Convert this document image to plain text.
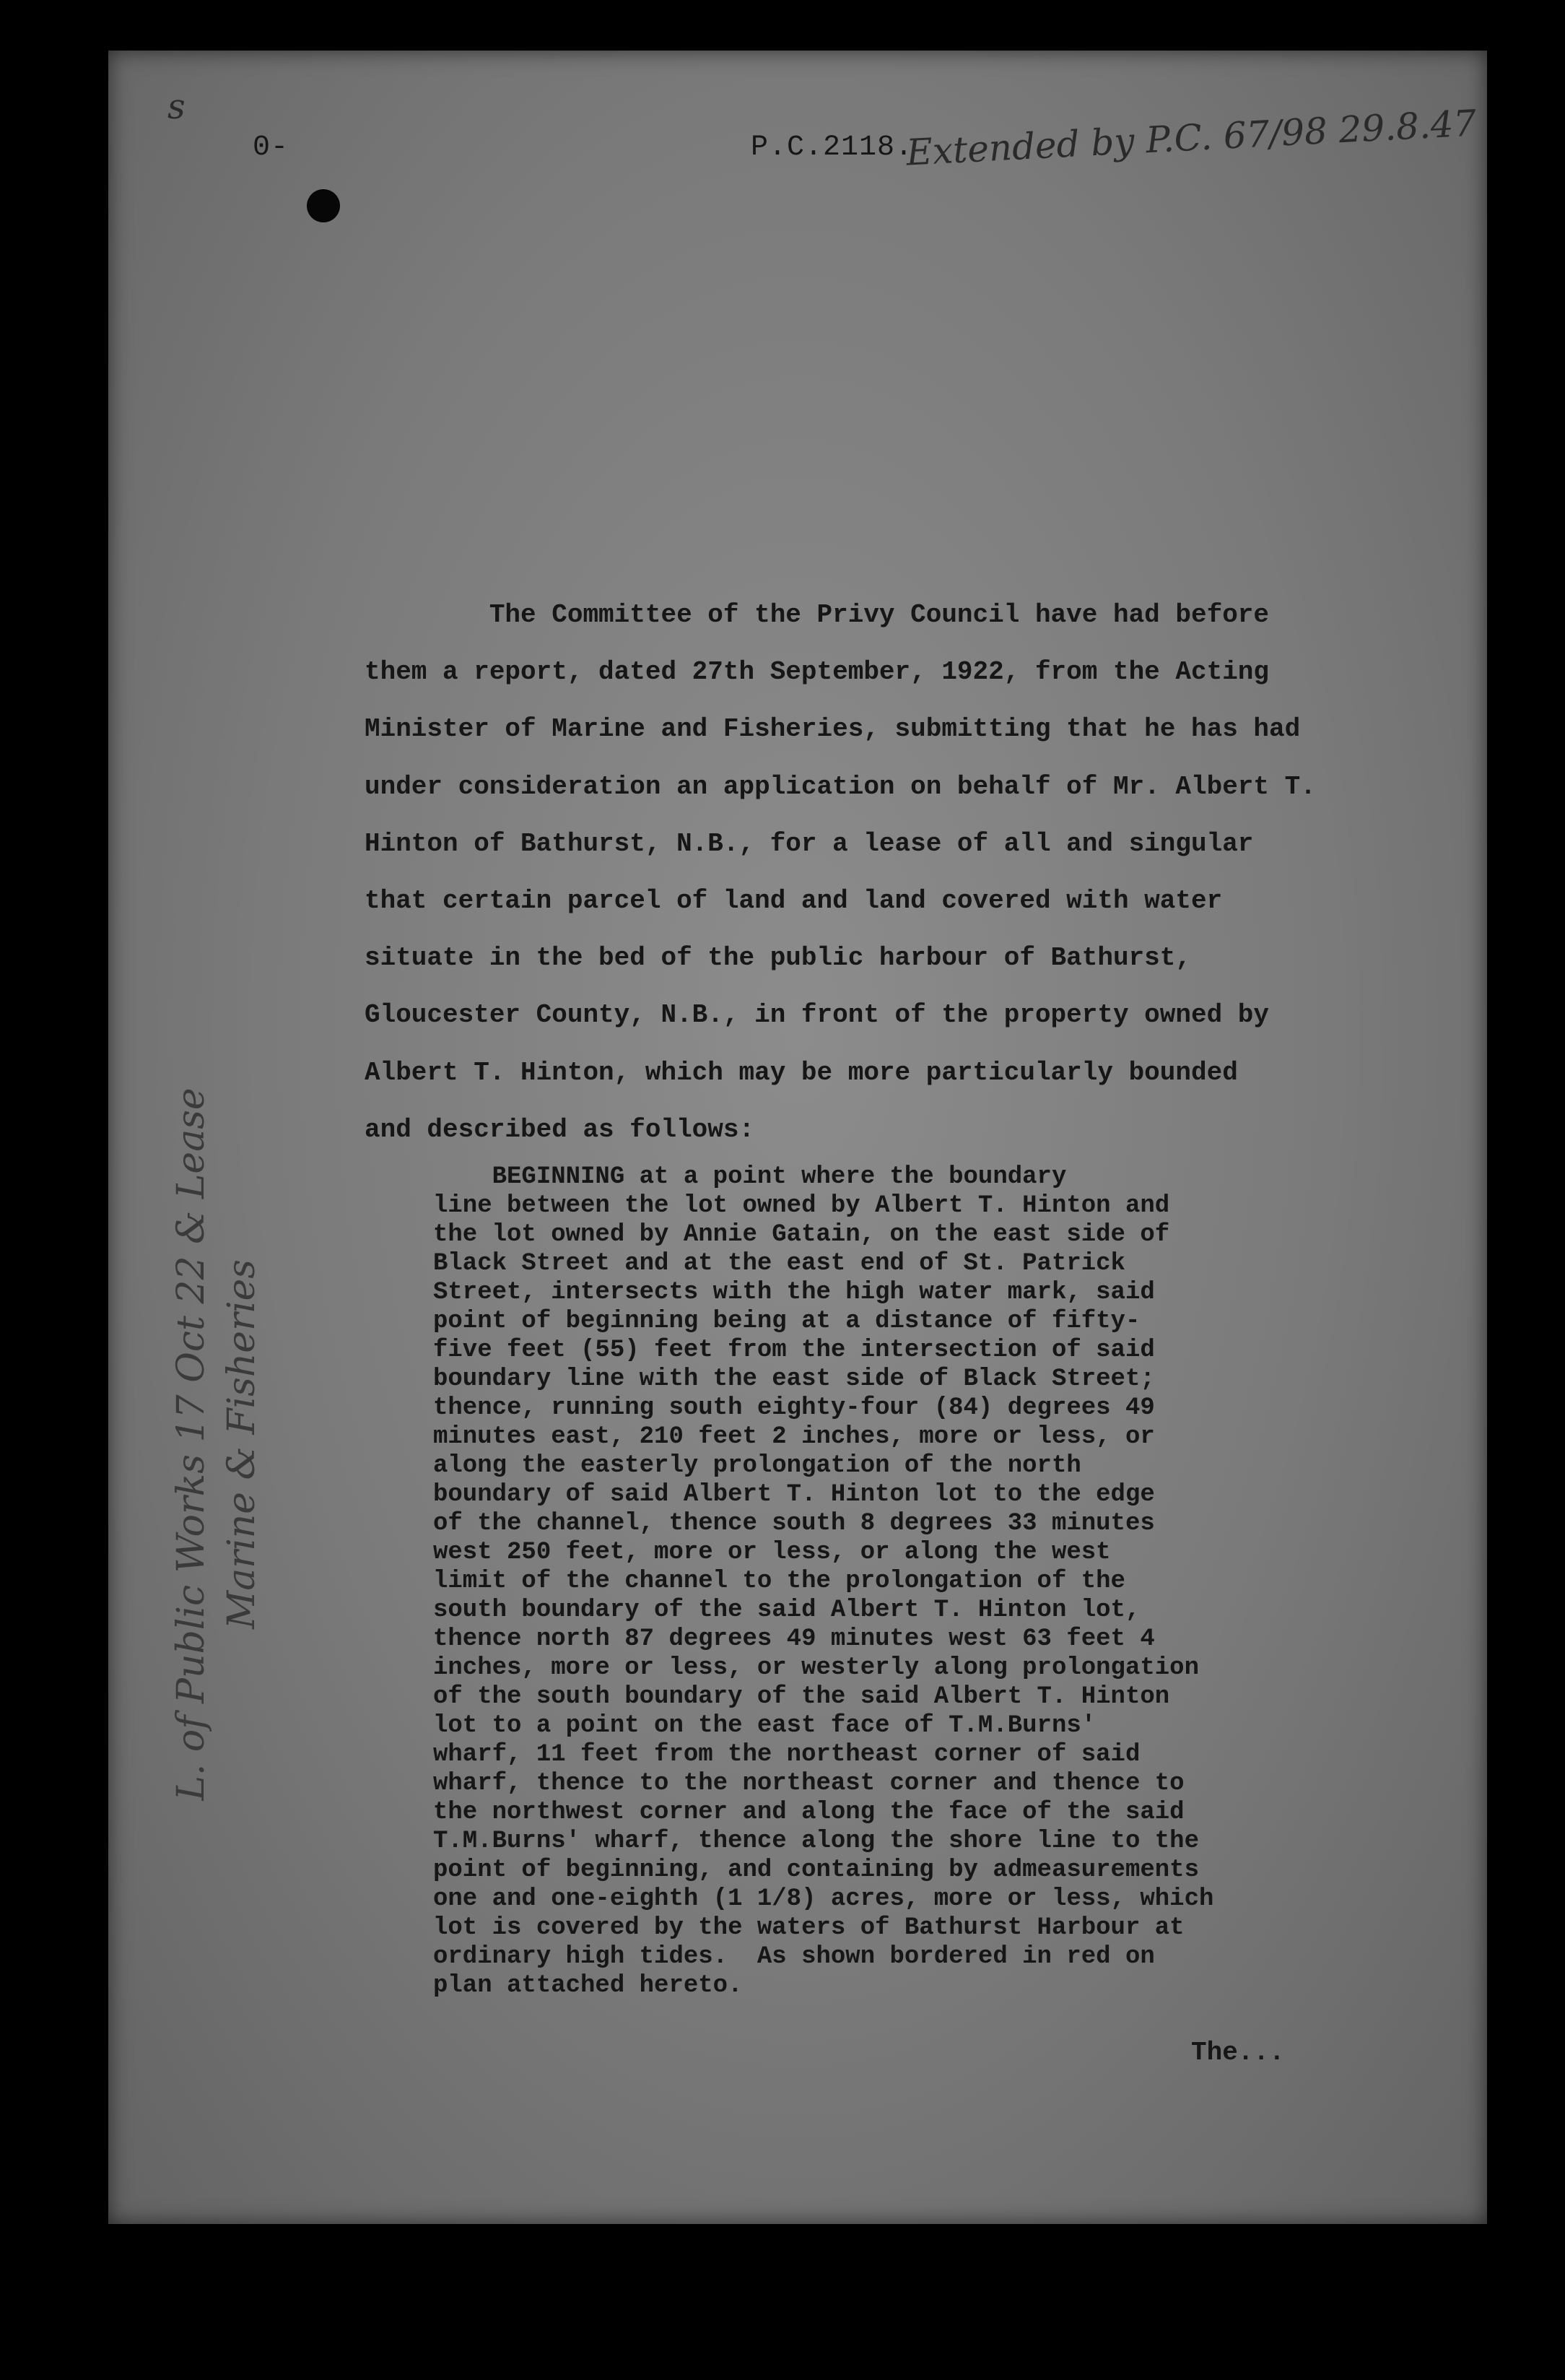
s
0-	P.C.2118.
Extended by P.C. 67/98 29.8.47
The Committee of the Privy Council have had before
them a report, dated 27th September, 1922, from the Acting
Minister of Marine and Fisheries, submitting that he has had
under consideration an application on behalf of Mr. Albert T.
Hinton of Bathurst, N.B., for a lease of all and singular
that certain parcel of land and land covered with water
situate in the bed of the public harbour of Bathurst,
Gloucester County, N.B., in front of the property owned by
Albert T. Hinton, which may be more particularly bounded
and described as follows:
BEGINNING at a point where the boundary
line between the lot owned by Albert T. Hinton and
the lot owned by Annie Gatain, on the east side of
Black Street and at the east end of St. Patrick
Street, intersects with the high water mark, said
point of beginning being at a distance of fifty-
five feet (55) feet from the intersection of said
boundary line with the east side of Black Street;
thence, running south eighty-four (84) degrees 49
minutes east, 210 feet 2 inches, more or less, or
along the easterly prolongation of the north
boundary of said Albert T. Hinton lot to the edge
of the channel, thence south 8 degrees 33 minutes
west 250 feet, more or less, or along the west
limit of the channel to the prolongation of the
south boundary of the said Albert T. Hinton lot,
thence north 87 degrees 49 minutes west 63 feet 4
inches, more or less, or westerly along prolongation
of the south boundary of the said Albert T. Hinton
lot to a point on the east face of T.M.Burns'
wharf, 11 feet from the northeast corner of said
wharf, thence to the northeast corner and thence to
the northwest corner and along the face of the said
T.M.Burns' wharf, thence along the shore line to the
point of beginning, and containing by admeasurements
one and one-eighth (1 1/8) acres, more or less, which
lot is covered by the waters of Bathurst Harbour at
ordinary high tides.  As shown bordered in red on
plan attached hereto.
The...
L. of Public Works 17 Oct 22 & Lease Marine & Fisheries
